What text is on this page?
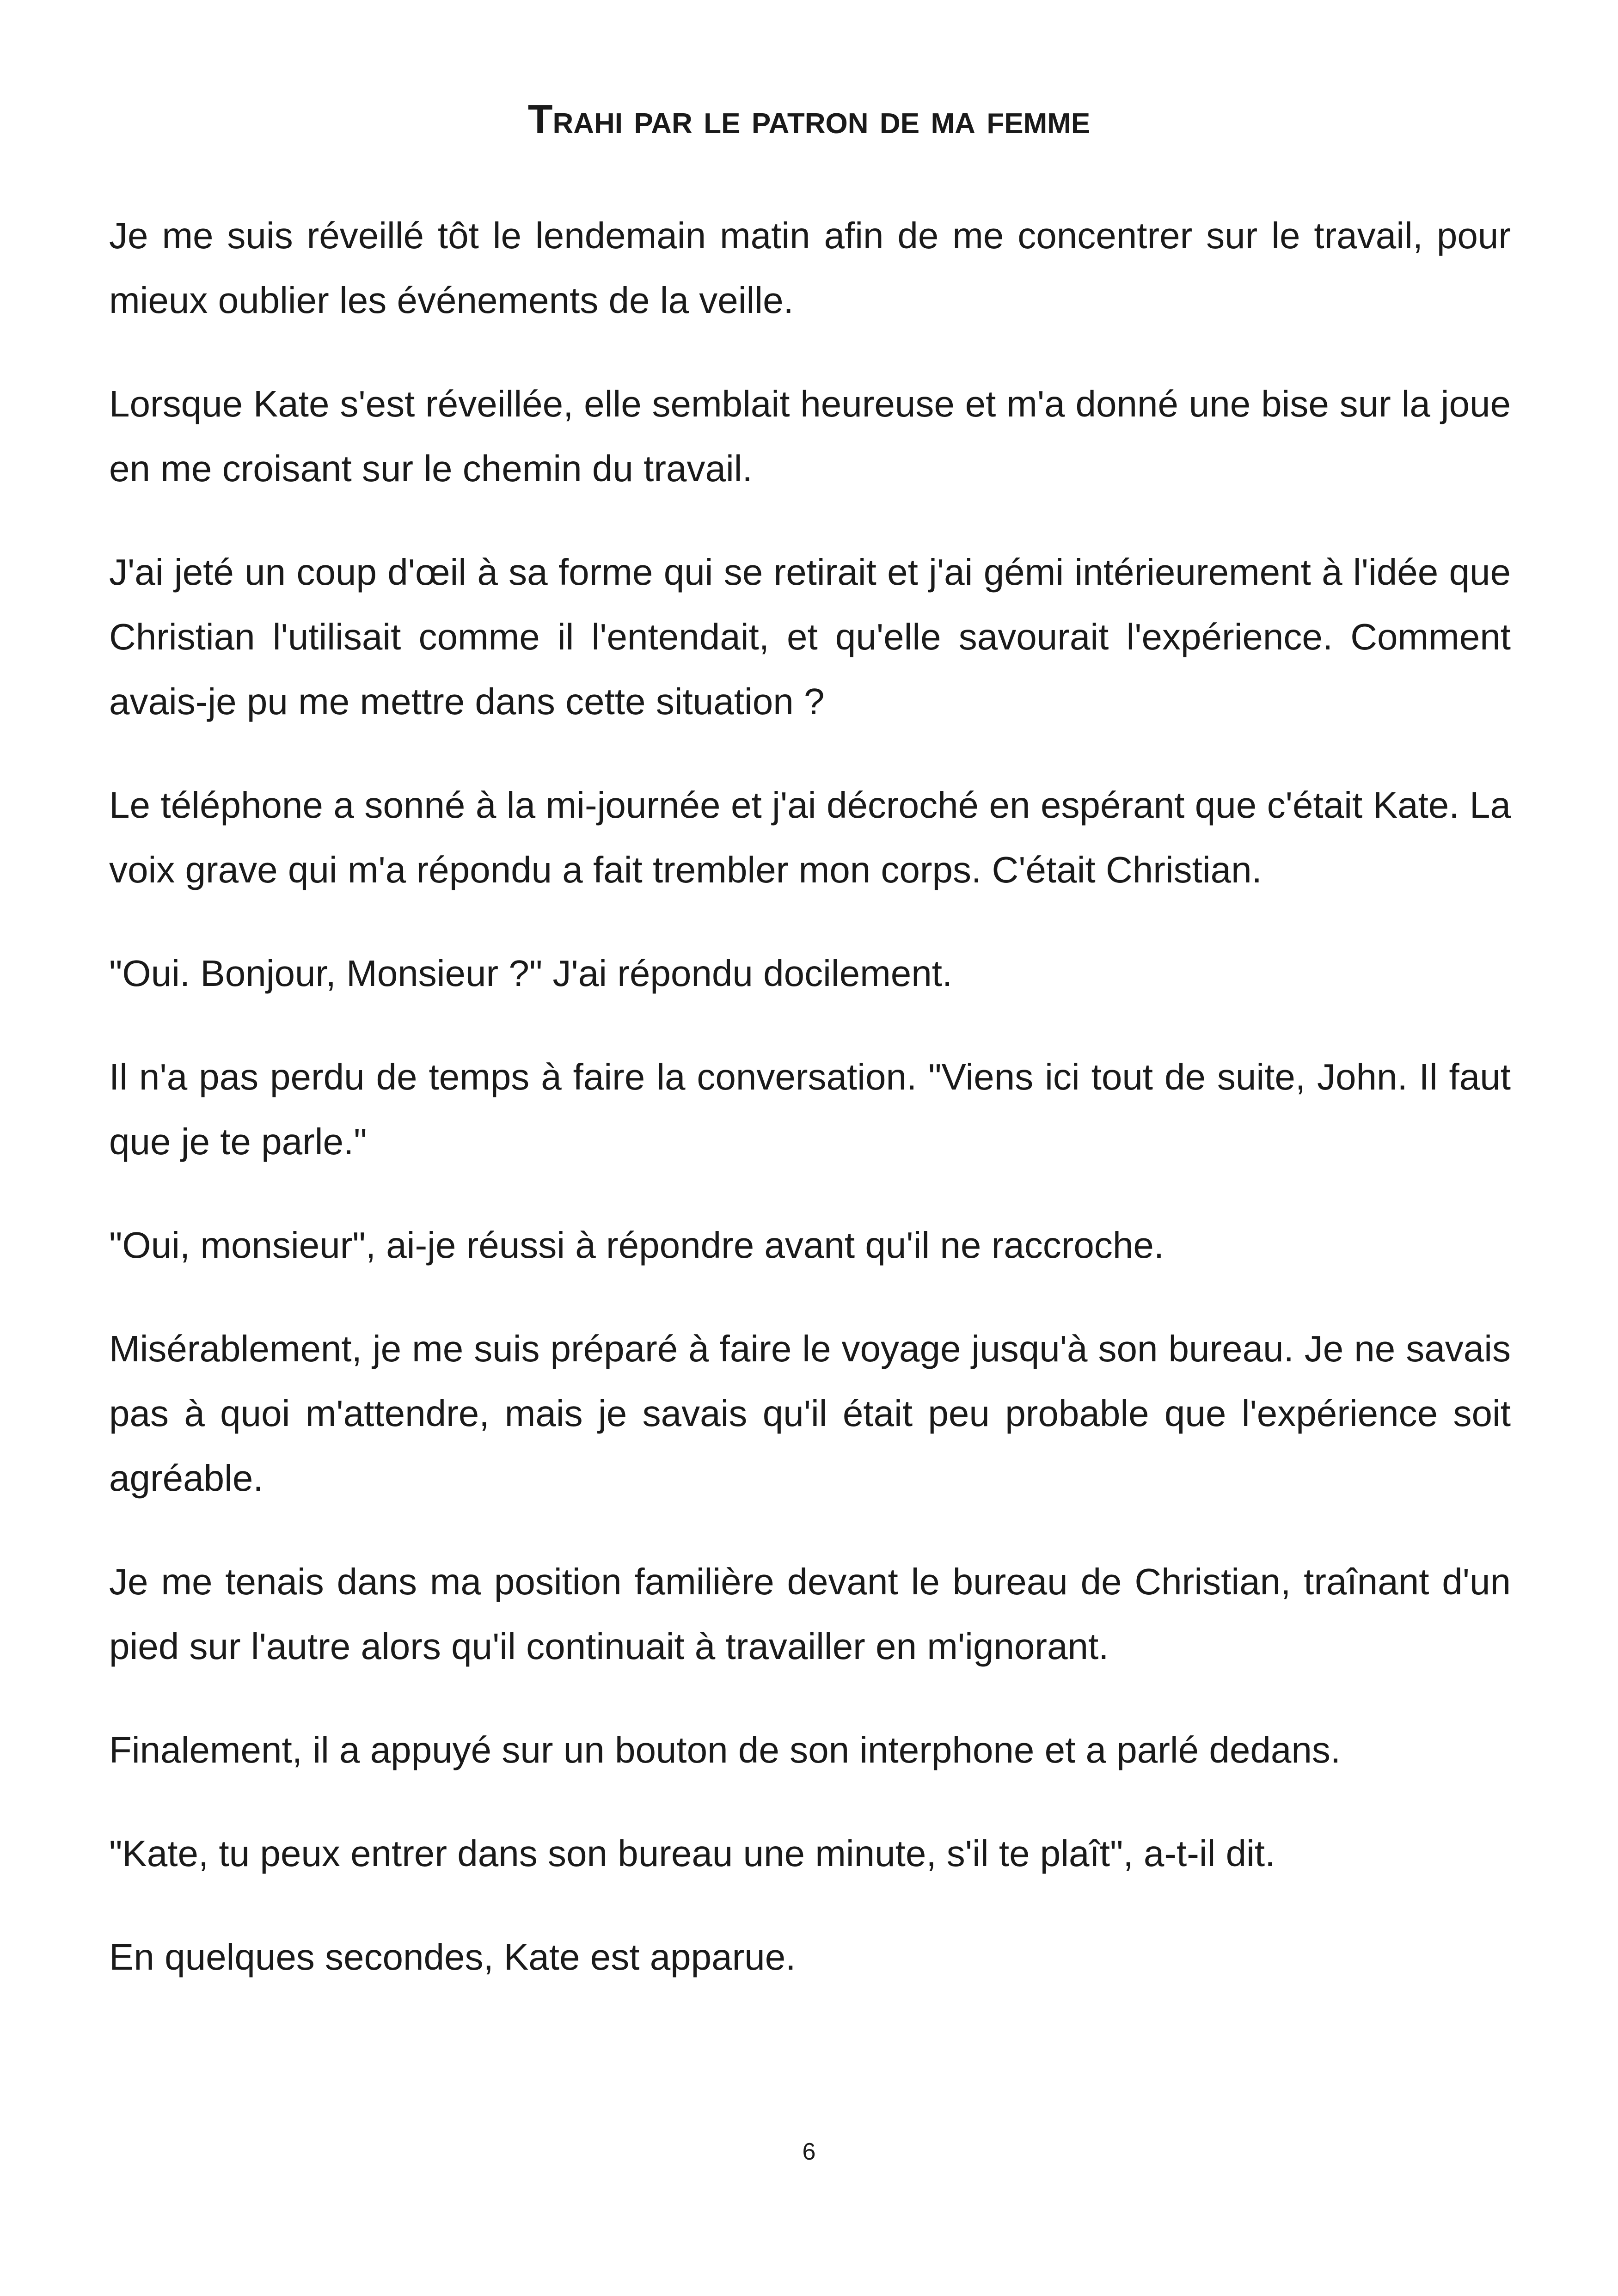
Trahi par le patron de ma femme

Je me suis réveillé tôt le lendemain matin afin de me concentrer sur le travail, pour mieux oublier les événements de la veille.

Lorsque Kate s'est réveillée, elle semblait heureuse et m'a donné une bise sur la joue en me croisant sur le chemin du travail.

J'ai jeté un coup d'œil à sa forme qui se retirait et j'ai gémi intérieurement à l'idée que Christian l'utilisait comme il l'entendait, et qu'elle savourait l'expérience. Comment avais-je pu me mettre dans cette situation ?

Le téléphone a sonné à la mi-journée et j'ai décroché en espérant que c'était Kate. La voix grave qui m'a répondu a fait trembler mon corps. C'était Christian.

"Oui. Bonjour, Monsieur ?" J'ai répondu docilement.

Il n'a pas perdu de temps à faire la conversation. "Viens ici tout de suite, John. Il faut que je te parle."

"Oui, monsieur", ai-je réussi à répondre avant qu'il ne raccroche.

Misérablement, je me suis préparé à faire le voyage jusqu'à son bureau. Je ne savais pas à quoi m'attendre, mais je savais qu'il était peu probable que l'expérience soit agréable.

Je me tenais dans ma position familière devant le bureau de Christian, traînant d'un pied sur l'autre alors qu'il continuait à travailler en m'ignorant.

Finalement, il a appuyé sur un bouton de son interphone et a parlé dedans.

"Kate, tu peux entrer dans son bureau une minute, s'il te plaît", a-t-il dit.

En quelques secondes, Kate est apparue.

6
